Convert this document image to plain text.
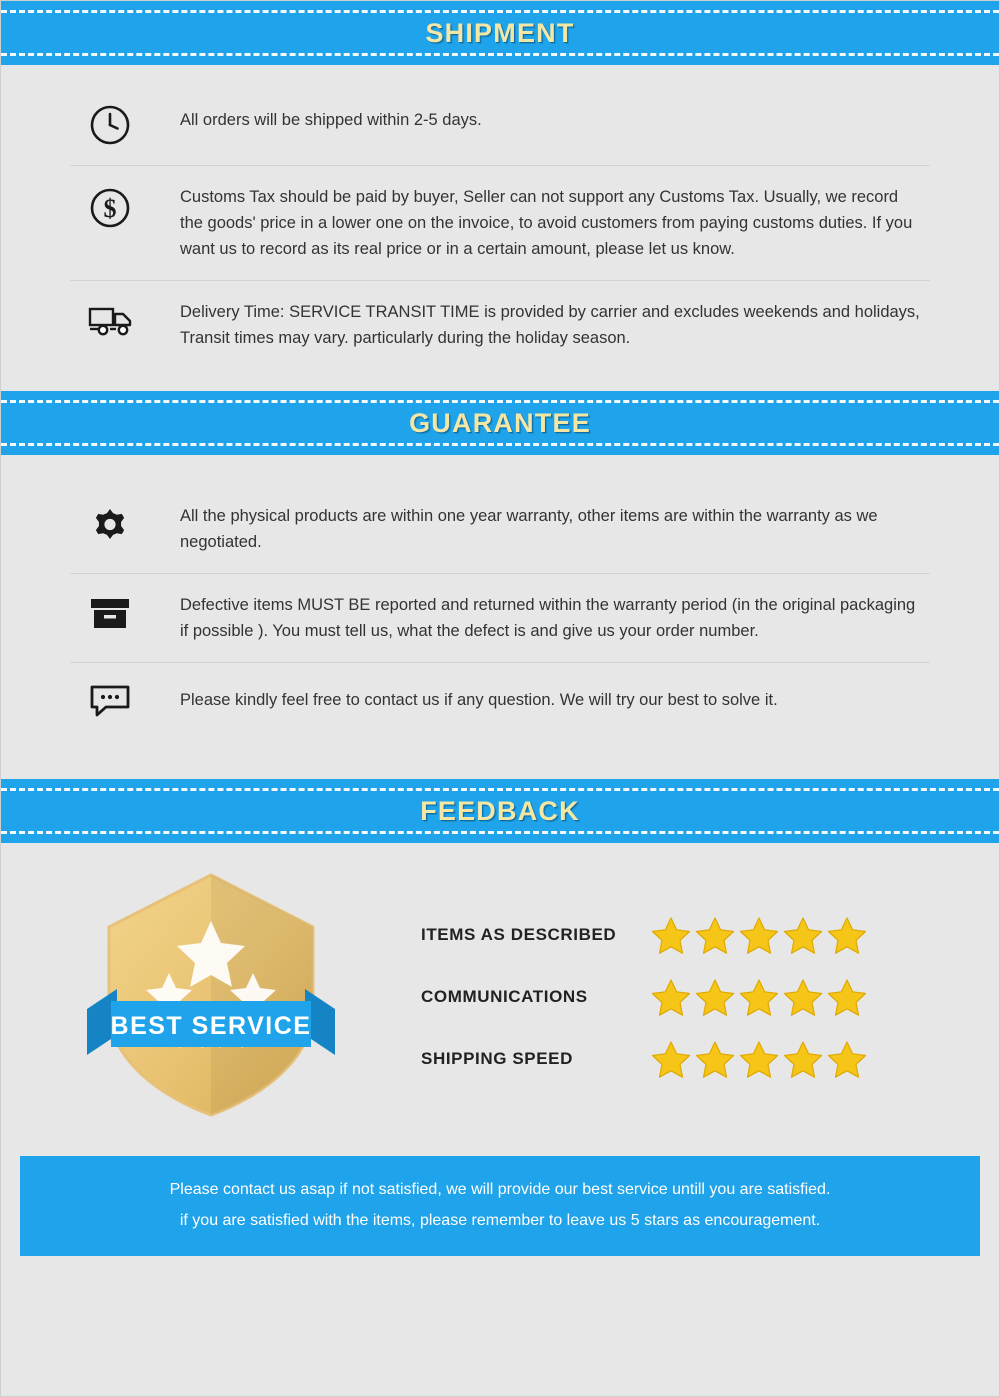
SHIPMENT
All orders will be shipped within 2-5 days.
$	Customs Tax should be paid by buyer, Seller can not support any Customs Tax. Usually, we record the goods' price in a lower one on the invoice, to avoid customers from paying customs duties. If you want us to record as its real price or in a certain amount, please let us know.
Delivery Time: SERVICE TRANSIT TIME is provided by carrier and excludes weekends and holidays, Transit times may vary. particularly during the holiday season.
GUARANTEE
All the physical products are within one year warranty, other items are within the warranty as we negotiated.
Defective items MUST BE reported and returned within the warranty period (in the original packaging if possible ). You must tell us, what the defect is and give us your order number.
Please kindly feel free to contact us if any question. We will try our best to solve it.
FEEDBACK
BEST SERVICE
ITEMS AS DESCRIBED
COMMUNICATIONS
SHIPPING SPEED
Please contact us asap if not satisfied, we will provide our best service untill you are satisfied.
if you are satisfied with the items, please remember to leave us 5 stars as encouragement.
